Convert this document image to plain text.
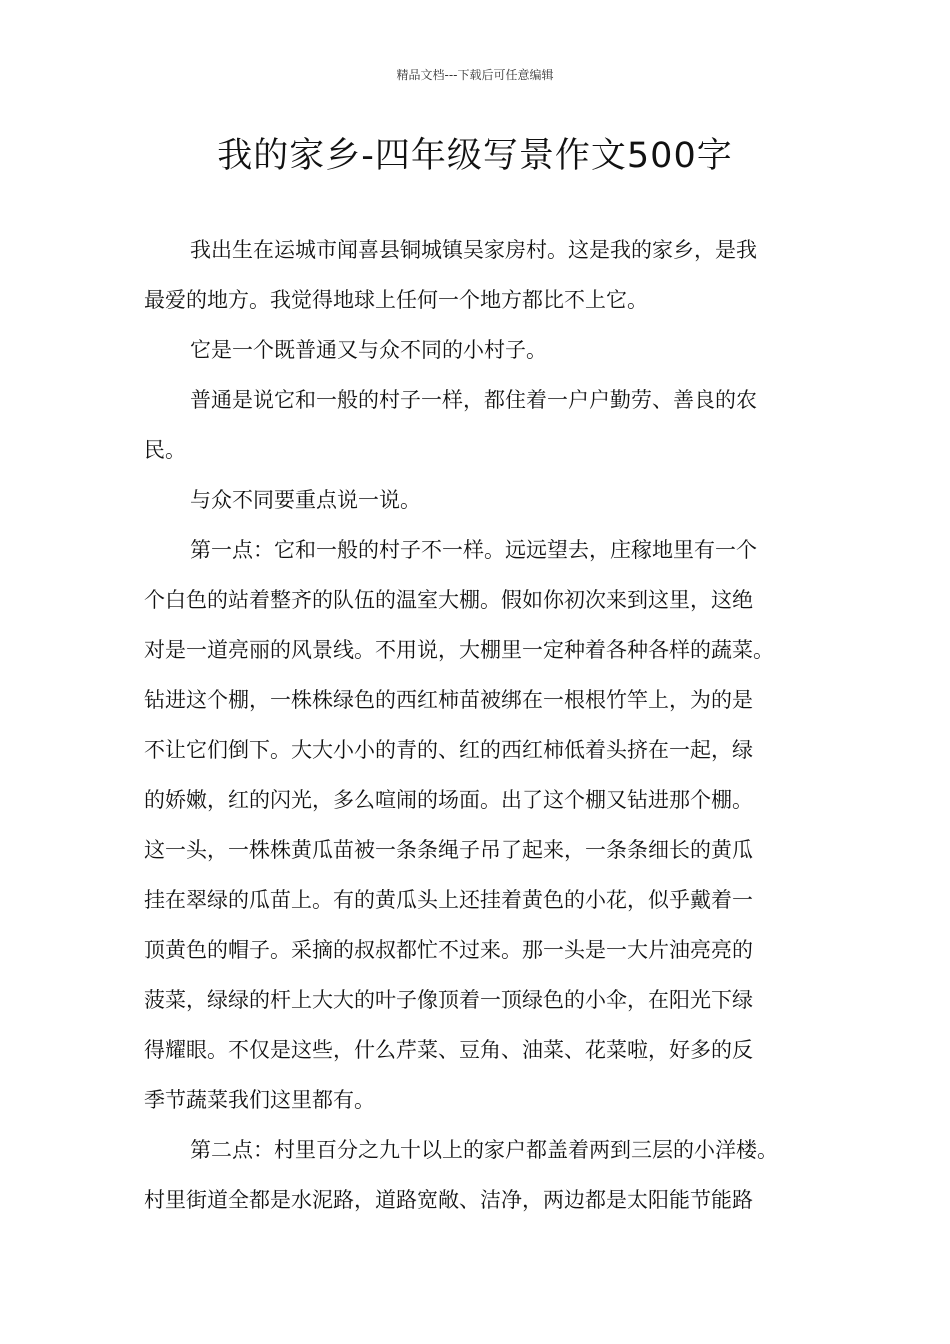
精品文档---下载后可任意编辑
我的家乡-四年级写景作文500字
我出生在运城市闻喜县铜城镇吴家房村。这是我的家乡，是我
最爱的地方。我觉得地球上任何一个地方都比不上它。
它是一个既普通又与众不同的小村子。
普通是说它和一般的村子一样，都住着一户户勤劳、善良的农
民。
与众不同要重点说一说。
第一点：它和一般的村子不一样。远远望去，庄稼地里有一个
个白色的站着整齐的队伍的温室大棚。假如你初次来到这里，这绝
对是一道亮丽的风景线。不用说，大棚里一定种着各种各样的蔬菜。
钻进这个棚，一株株绿色的西红柿苗被绑在一根根竹竿上，为的是
不让它们倒下。大大小小的青的、红的西红柿低着头挤在一起，绿
的娇嫩，红的闪光，多么喧闹的场面。出了这个棚又钻进那个棚。
这一头，一株株黄瓜苗被一条条绳子吊了起来，一条条细长的黄瓜
挂在翠绿的瓜苗上。有的黄瓜头上还挂着黄色的小花，似乎戴着一
顶黄色的帽子。采摘的叔叔都忙不过来。那一头是一大片油亮亮的
菠菜，绿绿的杆上大大的叶子像顶着一顶绿色的小伞，在阳光下绿
得耀眼。不仅是这些，什么芹菜、豆角、油菜、花菜啦，好多的反
季节蔬菜我们这里都有。
第二点：村里百分之九十以上的家户都盖着两到三层的小洋楼。
村里街道全都是水泥路，道路宽敞、洁净，两边都是太阳能节能路
